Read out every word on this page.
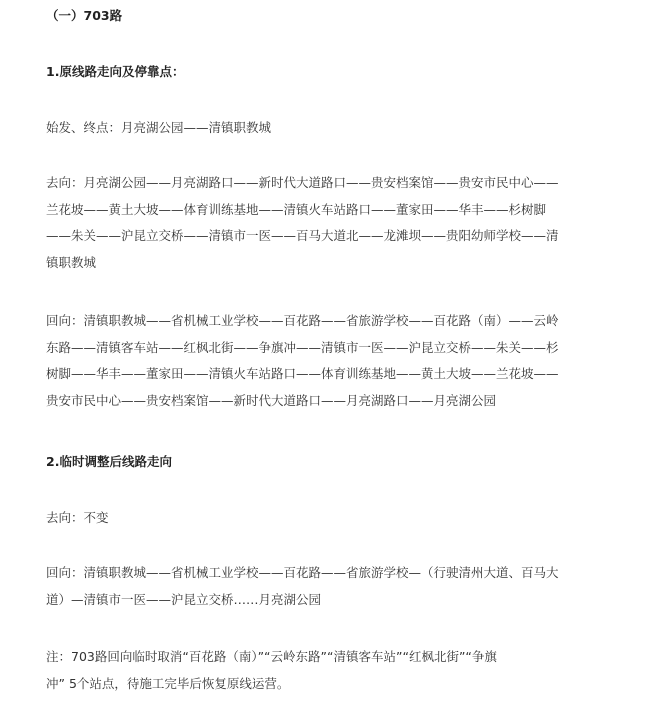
（一）703路
1.原线路走向及停靠点：
始发、终点：月亮湖公园——清镇职教城
去向：月亮湖公园——月亮湖路口——新时代大道路口——贵安档案馆——贵安市民中心——
兰花坡——黄土大坡——体育训练基地——清镇火车站路口——董家田——华丰——杉树脚
——朱关——沪昆立交桥——清镇市一医——百马大道北——龙滩坝——贵阳幼师学校——清
镇职教城
回向：清镇职教城——省机械工业学校——百花路——省旅游学校——百花路（南）——云岭
东路——清镇客车站——红枫北街——争旗冲——清镇市一医——沪昆立交桥——朱关——杉
树脚——华丰——董家田——清镇火车站路口——体育训练基地——黄土大坡——兰花坡——
贵安市民中心——贵安档案馆——新时代大道路口——月亮湖路口——月亮湖公园
2.临时调整后线路走向
去向：不变
回向：清镇职教城——省机械工业学校——百花路——省旅游学校—（行驶清州大道、百马大
道）—清镇市一医——沪昆立交桥……月亮湖公园
注：703路回向临时取消“百花路（南）”“云岭东路”“清镇客车站”“红枫北街”“争旗
冲” 5个站点，待施工完毕后恢复原线运营。
